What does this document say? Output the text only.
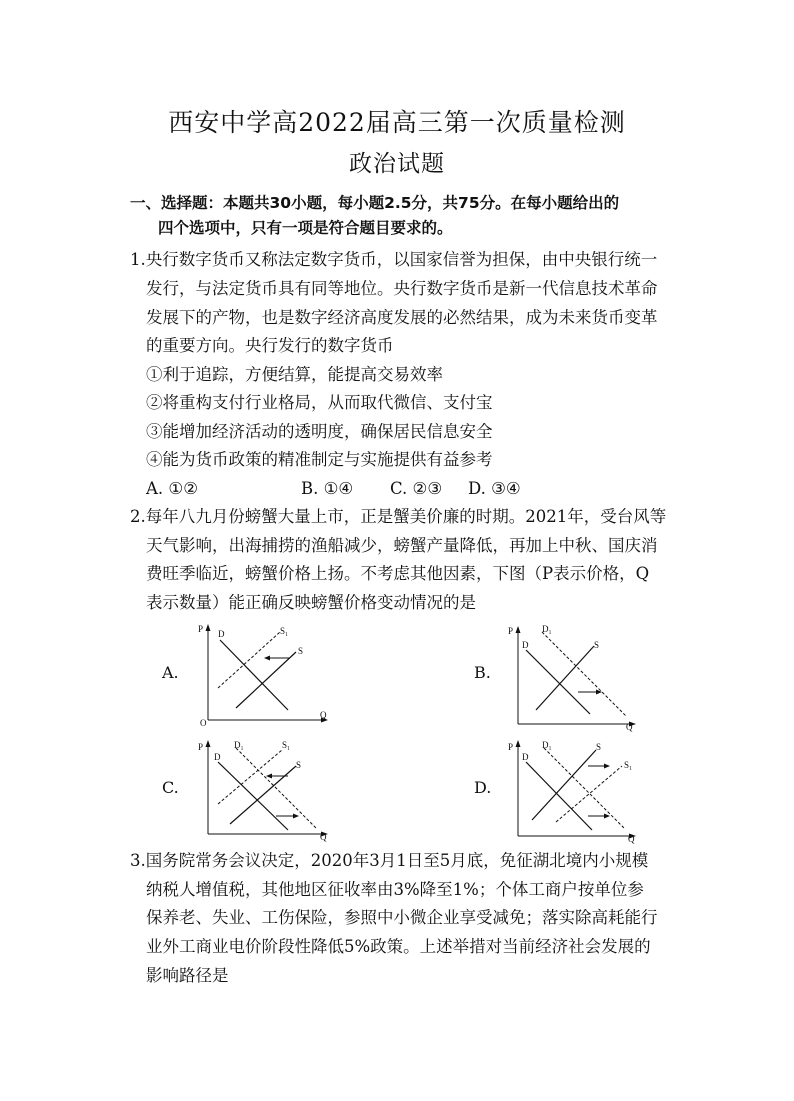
西安中学高2022届高三第一次质量检测
政治试题
一、选择题：本题共30小题，每小题2.5分，共75分。在每小题给出的
四个选项中，只有一项是符合题目要求的。
1.央行数字货币又称法定数字货币，以国家信誉为担保，由中央银行统一
发行，与法定货币具有同等地位。央行数字货币是新一代信息技术革命
发展下的产物，也是数字经济高度发展的必然结果，成为未来货币变革
的重要方向。央行发行的数字货币
①利于追踪，方便结算，能提高交易效率
②将重构支付行业格局，从而取代微信、支付宝
③能增加经济活动的透明度，确保居民信息安全
④能为货币政策的精准制定与实施提供有益参考
A. ①②	B. ①④ C. ②③ D. ③④
2.每年八九月份螃蟹大量上市，正是蟹美价廉的时期。2021年，受台风等
天气影响，出海捕捞的渔船减少，螃蟹产量降低，再加上中秋、国庆消
费旺季临近，螃蟹价格上扬。不考虑其他因素，下图（P表示价格，Q
表示数量）能正确反映螃蟹价格变动情况的是
A.	B.
C.	D.
P
Q
O
D
S
S₁	P
Q
D
D₁
S
P
Q
D
D₁
S
S₁	P
Q
D
D₁	S
S₁
3.国务院常务会议决定，2020年3月1日至5月底，免征湖北境内小规模
纳税人增值税，其他地区征收率由3%降至1%；个体工商户按单位参
保养老、失业、工伤保险，参照中小微企业享受减免；落实除高耗能行
业外工商业电价阶段性降低5%政策。上述举措对当前经济社会发展的
影响路径是
